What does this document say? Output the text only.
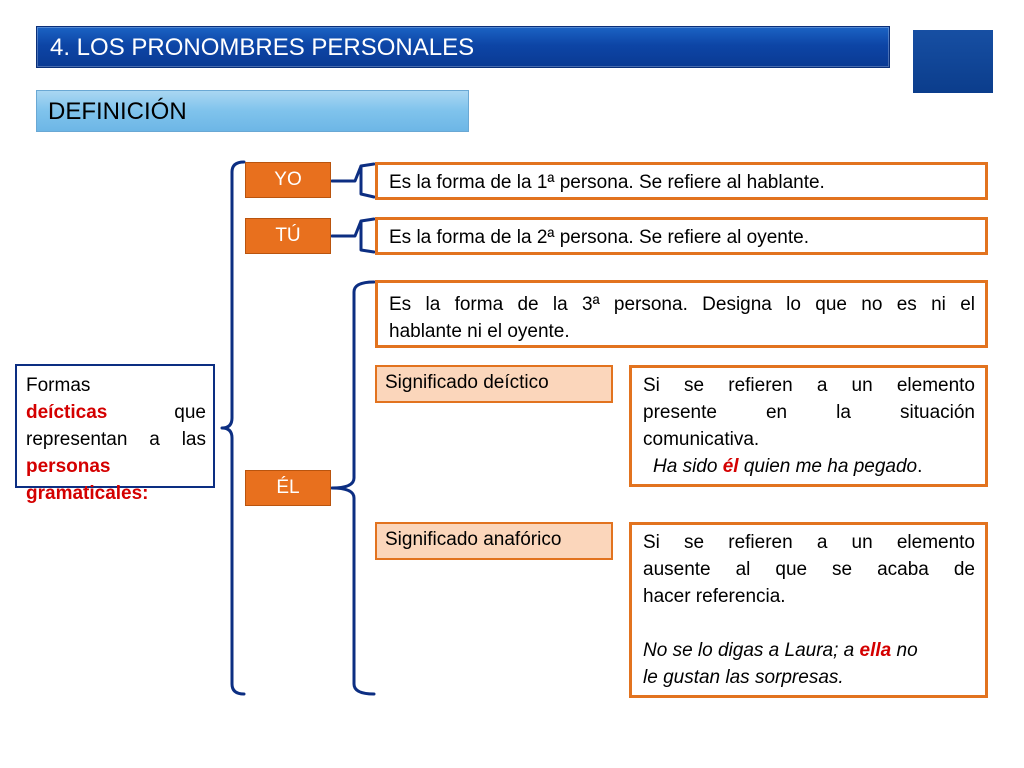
4. LOS PRONOMBRES PERSONALES
DEFINICIÓN
Formas
deícticas	que
representan a las
personas
gramaticales:
YO
TÚ
ÉL
Es la forma de la 1ª persona. Se refiere al hablante.
Es la forma de la 2ª persona. Se refiere al oyente.
Es la forma de la 3ª persona. Designa lo que no es ni el
hablante ni el oyente.
Significado deíctico	Si se refieren a un elemento
presente en la situación
comunicativa.
Ha sido él quien me ha pegado.
Significado anafórico	Si se refieren a un elemento
ausente al que se acaba de
hacer referencia.
No se lo digas a Laura; a ella no
le gustan las sorpresas.
